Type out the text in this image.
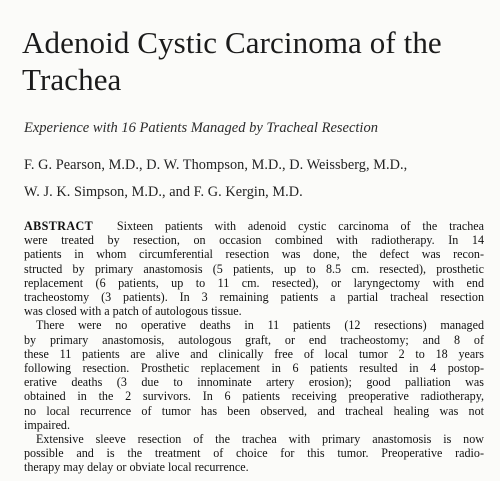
Adenoid Cystic Carcinoma of the
Trachea
Experience with 16 Patients Managed by Tracheal Resection

F. G. Pearson, M.D., D. W. Thompson, M.D., D. Weissberg, M.D.,
W. J. K. Simpson, M.D., and F. G. Kergin, M.D.

ABSTRACT Sixteen patients with adenoid cystic carcinoma of the trachea
were treated by resection, on occasion combined with radiotherapy. In 14
patients in whom circumferential resection was done, the defect was recon-
structed by primary anastomosis (5 patients, up to 8.5 cm. resected), prosthetic
replacement (6 patients, up to 11 cm. resected), or laryngectomy with end
tracheostomy (3 patients). In 3 remaining patients a partial tracheal resection
was closed with a patch of autologous tissue.
There were no operative deaths in 11 patients (12 resections) managed
by primary anastomosis, autologous graft, or end tracheostomy; and 8 of
these 11 patients are alive and clinically free of local tumor 2 to 18 years
following resection. Prosthetic replacement in 6 patients resulted in 4 postop-
erative deaths (3 due to innominate artery erosion); good palliation was
obtained in the 2 survivors. In 6 patients receiving preoperative radiotherapy,
no local recurrence of tumor has been observed, and tracheal healing was not
impaired.
Extensive sleeve resection of the trachea with primary anastomosis is now
possible and is the treatment of choice for this tumor. Preoperative radio-
therapy may delay or obviate local recurrence.
